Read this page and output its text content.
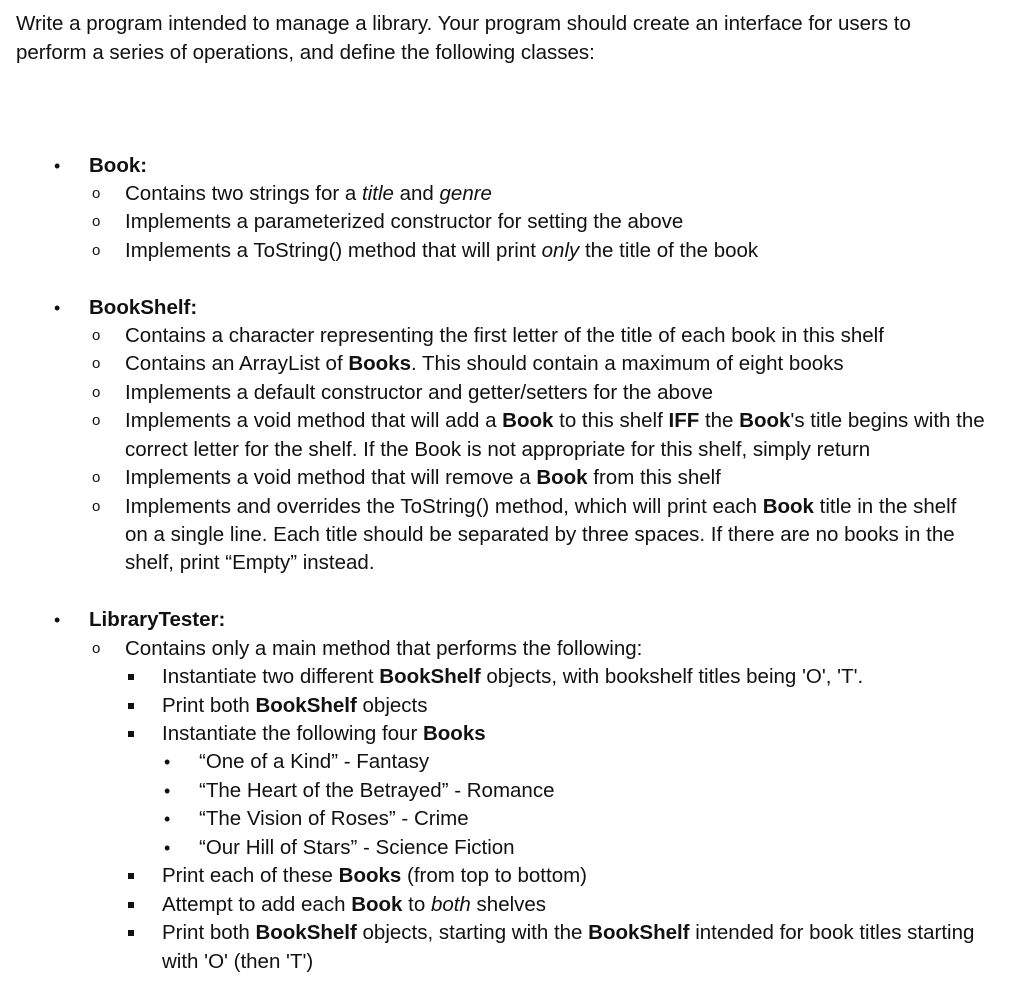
Write a program intended to manage a library. Your program should create an interface for users to
perform a series of operations, and define the following classes:
• Book:
o Contains two strings for a title and genre
o Implements a parameterized constructor for setting the above
o Implements a ToString() method that will print only the title of the book
• BookShelf:
o Contains a character representing the first letter of the title of each book in this shelf
o Contains an ArrayList of Books. This should contain a maximum of eight books
o Implements a default constructor and getter/setters for the above
o Implements a void method that will add a Book to this shelf IFF the Book's title begins with the
correct letter for the shelf. If the Book is not appropriate for this shelf, simply return
o Implements a void method that will remove a Book from this shelf
o Implements and overrides the ToString() method, which will print each Book title in the shelf
on a single line. Each title should be separated by three spaces. If there are no books in the
shelf, print “Empty” instead.
• LibraryTester:
o Contains only a main method that performs the following:
Instantiate two different BookShelf objects, with bookshelf titles being 'O', 'T'.
Print both BookShelf objects
Instantiate the following four Books
• “One of a Kind” - Fantasy
• “The Heart of the Betrayed” - Romance
• “The Vision of Roses” - Crime
• “Our Hill of Stars” - Science Fiction
Print each of these Books (from top to bottom)
Attempt to add each Book to both shelves
Print both BookShelf objects, starting with the BookShelf intended for book titles starting
with 'O' (then 'T')
